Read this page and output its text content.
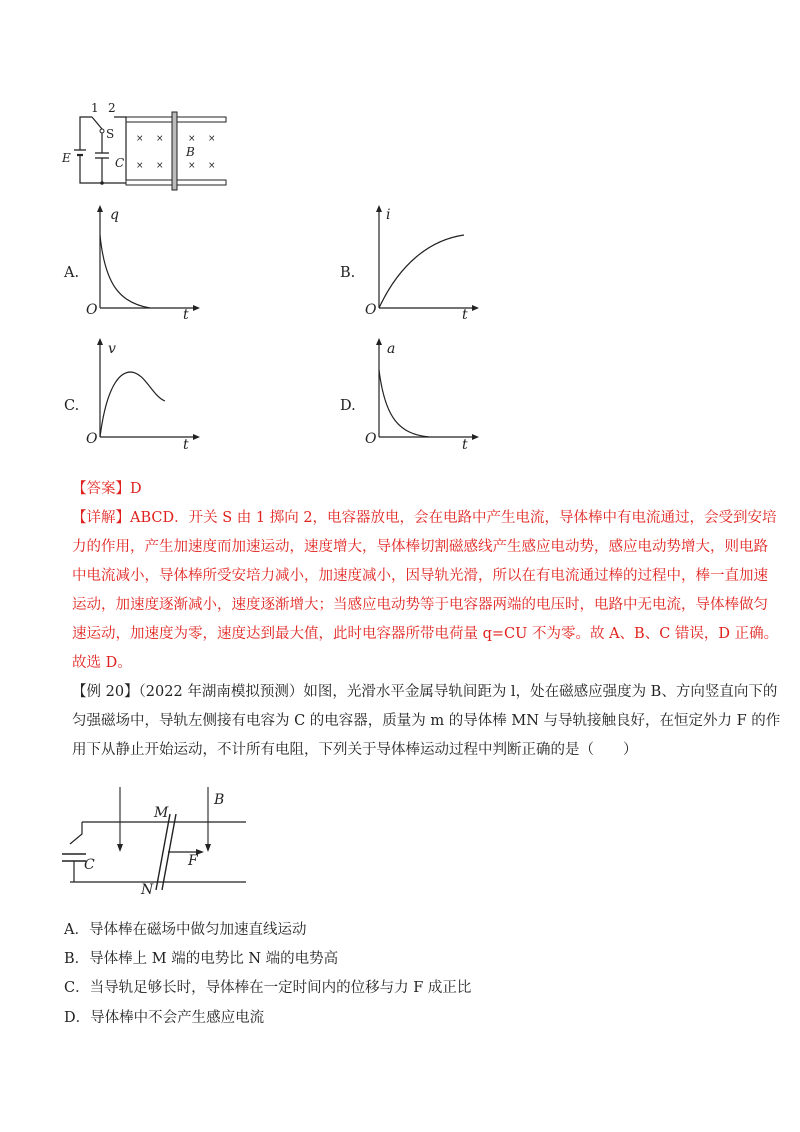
× ×	× ×
× ×	× ×
1 2
S
E	C
B
A.
q
O	t
B.
i
O	t
C.
v
O	t
D.
a
O	t
【答案】D
【详解】ABCD．开关 S 由 1 掷向 2，电容器放电，会在电路中产生电流，导体棒中有电流通过，会受到安培
力的作用，产生加速度而加速运动，速度增大，导体棒切割磁感线产生感应电动势，感应电动势增大，则电路
中电流减小，导体棒所受安培力减小，加速度减小，因导轨光滑，所以在有电流通过棒的过程中，棒一直加速
运动，加速度逐渐减小，速度逐渐增大；当感应电动势等于电容器两端的电压时，电路中无电流，导体棒做匀
速运动，加速度为零，速度达到最大值，此时电容器所带电荷量 q=CU 不为零。故 A、B、C 错误，D 正确。
故选 D。
【例 20】（2022 年湖南模拟预测）如图，光滑水平金属导轨间距为 l，处在磁感应强度为 B、方向竖直向下的
匀强磁场中，导轨左侧接有电容为 C 的电容器，质量为 m 的导体棒 MN 与导轨接触良好，在恒定外力 F 的作
用下从静止开始运动，不计所有电阻，下列关于导体棒运动过程中判断正确的是（　　）
M
N
B
C	F
A．导体棒在磁场中做匀加速直线运动
B．导体棒上 M 端的电势比 N 端的电势高
C．当导轨足够长时，导体棒在一定时间内的位移与力 F 成正比
D．导体棒中不会产生感应电流
